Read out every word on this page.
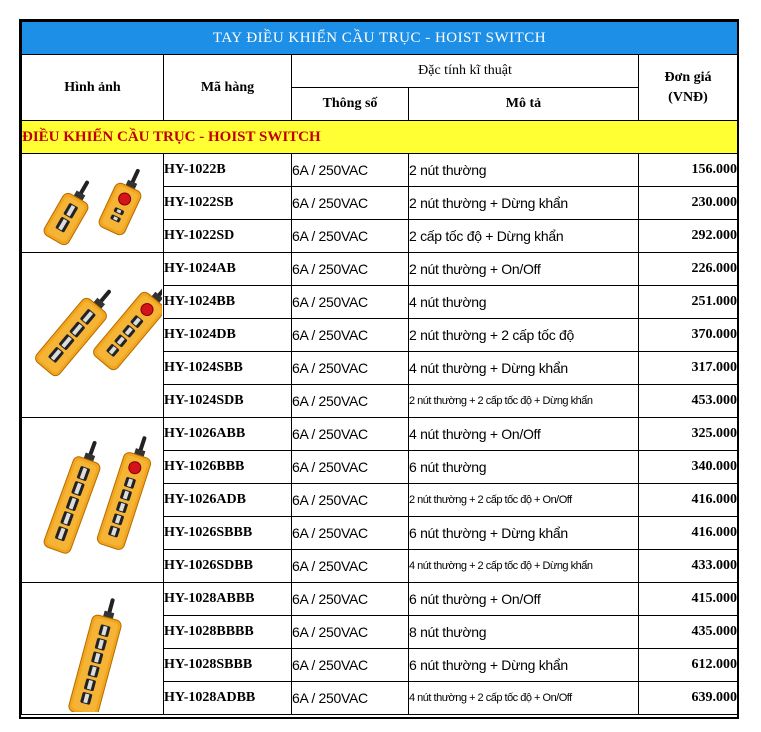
TAY ĐIỀU KHIỂN CẦU TRỤC - HOIST SWITCH				
Hình ảnh	Mã hàng	Đặc tính kĩ thuật		Đơn giá
(VNĐ)

		Thông số	Mô tả	
ĐIỀU KHIỂN CẦU TRỤC - HOIST SWITCH				

	HY-1022B	6A / 250VAC	2 nút thường	156.000
	HY-1022SB	6A / 250VAC	2 nút thường + Dừng khẩn	230.000
	HY-1022SD	6A / 250VAC	2 cấp tốc độ + Dừng khẩn	292.000

	HY-1024AB	6A / 250VAC	2 nút thường + On/Off	226.000
	HY-1024BB	6A / 250VAC	4 nút thường	251.000
	HY-1024DB	6A / 250VAC	2 nút thường + 2 cấp tốc độ	370.000
	HY-1024SBB	6A / 250VAC	4 nút thường + Dừng khẩn	317.000
	HY-1024SDB	6A / 250VAC	2 nút thường + 2 cấp tốc độ + Dừng khẩn	453.000

	HY-1026ABB	6A / 250VAC	4 nút thường + On/Off	325.000
	HY-1026BBB	6A / 250VAC	6 nút thường	340.000
	HY-1026ADB	6A / 250VAC	2 nút thường + 2 cấp tốc độ + On/Off	416.000
	HY-1026SBBB	6A / 250VAC	6 nút thường + Dừng khẩn	416.000
	HY-1026SDBB	6A / 250VAC	4 nút thường + 2 cấp tốc độ + Dừng khẩn	433.000

	HY-1028ABBB	6A / 250VAC	6 nút thường + On/Off	415.000
	HY-1028BBBB	6A / 250VAC	8 nút thường	435.000
	HY-1028SBBB	6A / 250VAC	6 nút thường + Dừng khẩn	612.000
	HY-1028ADBB	6A / 250VAC	4 nút thường + 2 cấp tốc độ + On/Off	639.000
